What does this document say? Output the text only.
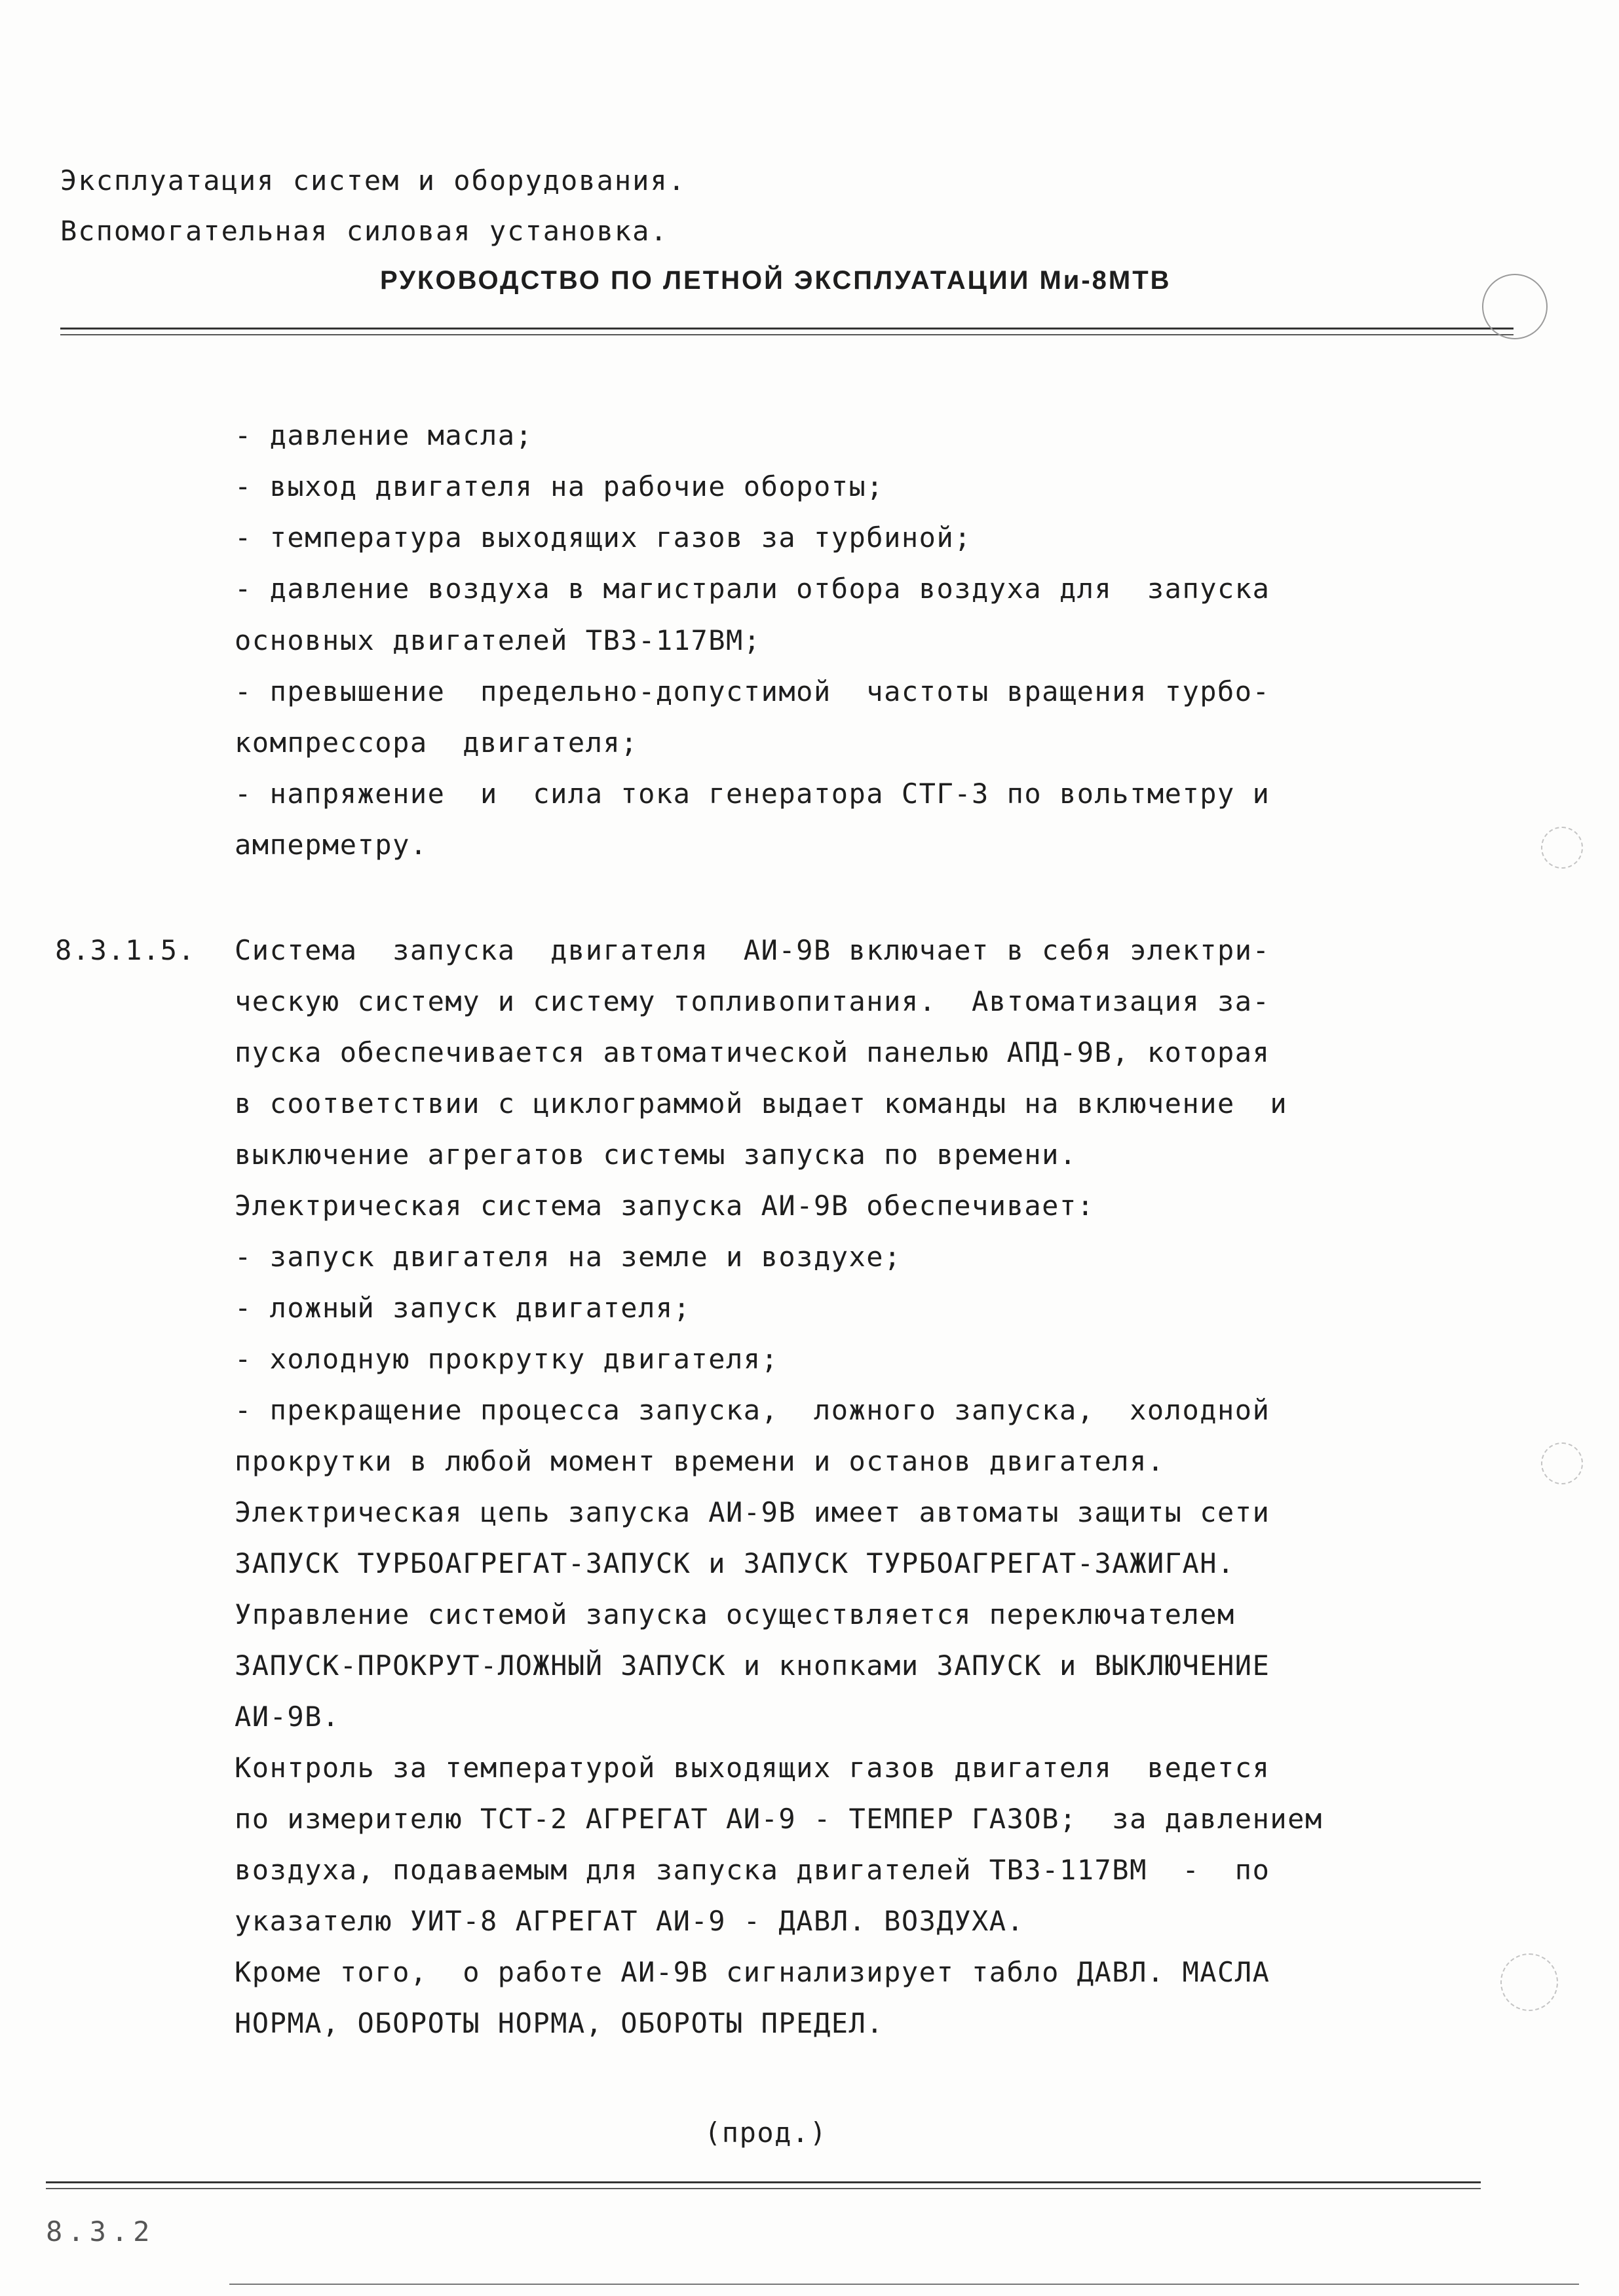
Эксплуатация систем и оборудования.
Вспомогательная силовая установка.
РУКОВОДСТВО ПО ЛЕТНОЙ ЭКСПЛУАТАЦИИ Ми-8МТВ
- давление масла;
- выход двигателя на рабочие обороты;
- температура выходящих газов за турбиной;
- давление воздуха в магистрали отбора воздуха для  запуска
основных двигателей ТВ3-117ВМ;
- превышение  предельно-допустимой  частоты вращения турбо-
компрессора  двигателя;
- напряжение  и  сила тока генератора СТГ-3 по вольтметру и
амперметру.
8.3.1.5. Система  запуска  двигателя  АИ-9В включает в себя электри-
ческую систему и систему топливопитания.  Автоматизация за-
пуска обеспечивается автоматической панелью АПД-9В, которая
в соответствии с циклограммой выдает команды на включение  и
выключение агрегатов системы запуска по времени.
Электрическая система запуска АИ-9В обеспечивает:
- запуск двигателя на земле и воздухе;
- ложный запуск двигателя;
- холодную прокрутку двигателя;
- прекращение процесса запуска,  ложного запуска,  холодной
прокрутки в любой момент времени и останов двигателя.
Электрическая цепь запуска АИ-9В имеет автоматы защиты сети
ЗАПУСК ТУРБОАГРЕГАТ-ЗАПУСК и ЗАПУСК ТУРБОАГРЕГАТ-ЗАЖИГАН.
Управление системой запуска осуществляется переключателем
ЗАПУСК-ПРОКРУТ-ЛОЖНЫЙ ЗАПУСК и кнопками ЗАПУСК и ВЫКЛЮЧЕНИЕ
АИ-9В.
Контроль за температурой выходящих газов двигателя  ведется
по измерителю ТСТ-2 АГРЕГАТ АИ-9 - ТЕМПЕР ГАЗОВ;  за давлением
воздуха, подаваемым для запуска двигателей ТВ3-117ВМ  -  по
указателю УИТ-8 АГРЕГАТ АИ-9 - ДАВЛ. ВОЗДУХА.
Кроме того,  о работе АИ-9В сигнализирует табло ДАВЛ. МАСЛА
НОРМА, ОБОРОТЫ НОРМА, ОБОРОТЫ ПРЕДЕЛ.
(прод.)
8.3.2
